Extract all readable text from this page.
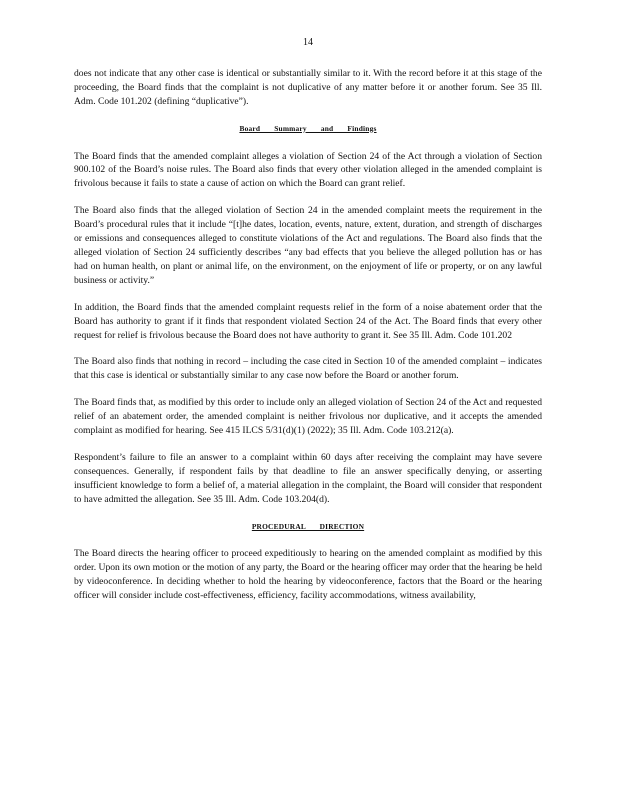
14

does not indicate that any other case is identical or substantially similar to it. With the record before it at this stage of the proceeding, the Board finds that the complaint is not duplicative of any matter before it or another forum. See 35 Ill. Adm. Code 101.202 (defining “duplicative”).

Board Summary and Findings

The Board finds that the amended complaint alleges a violation of Section 24 of the Act through a violation of Section 900.102 of the Board’s noise rules. The Board also finds that every other violation alleged in the amended complaint is frivolous because it fails to state a cause of action on which the Board can grant relief.

The Board also finds that the alleged violation of Section 24 in the amended complaint meets the requirement in the Board’s procedural rules that it include “[t]he dates, location, events, nature, extent, duration, and strength of discharges or emissions and consequences alleged to constitute violations of the Act and regulations. The Board also finds that the alleged violation of Section 24 sufficiently describes “any bad effects that you believe the alleged pollution has or has had on human health, on plant or animal life, on the environment, on the enjoyment of life or property, or on any lawful business or activity.”

In addition, the Board finds that the amended complaint requests relief in the form of a noise abatement order that the Board has authority to grant if it finds that respondent violated Section 24 of the Act. The Board finds that every other request for relief is frivolous because the Board does not have authority to grant it. See 35 Ill. Adm. Code 101.202

The Board also finds that nothing in record – including the case cited in Section 10 of the amended complaint – indicates that this case is identical or substantially similar to any case now before the Board or another forum.

The Board finds that, as modified by this order to include only an alleged violation of Section 24 of the Act and requested relief of an abatement order, the amended complaint is neither frivolous nor duplicative, and it accepts the amended complaint as modified for hearing. See 415 ILCS 5/31(d)(1) (2022); 35 Ill. Adm. Code 103.212(a).

Respondent’s failure to file an answer to a complaint within 60 days after receiving the complaint may have severe consequences. Generally, if respondent fails by that deadline to file an answer specifically denying, or asserting insufficient knowledge to form a belief of, a material allegation in the complaint, the Board will consider that respondent to have admitted the allegation. See 35 Ill. Adm. Code 103.204(d).

PROCEDURAL DIRECTION

The Board directs the hearing officer to proceed expeditiously to hearing on the amended complaint as modified by this order. Upon its own motion or the motion of any party, the Board or the hearing officer may order that the hearing be held by videoconference. In deciding whether to hold the hearing by videoconference, factors that the Board or the hearing officer will consider include cost-effectiveness, efficiency, facility accommodations, witness availability,
